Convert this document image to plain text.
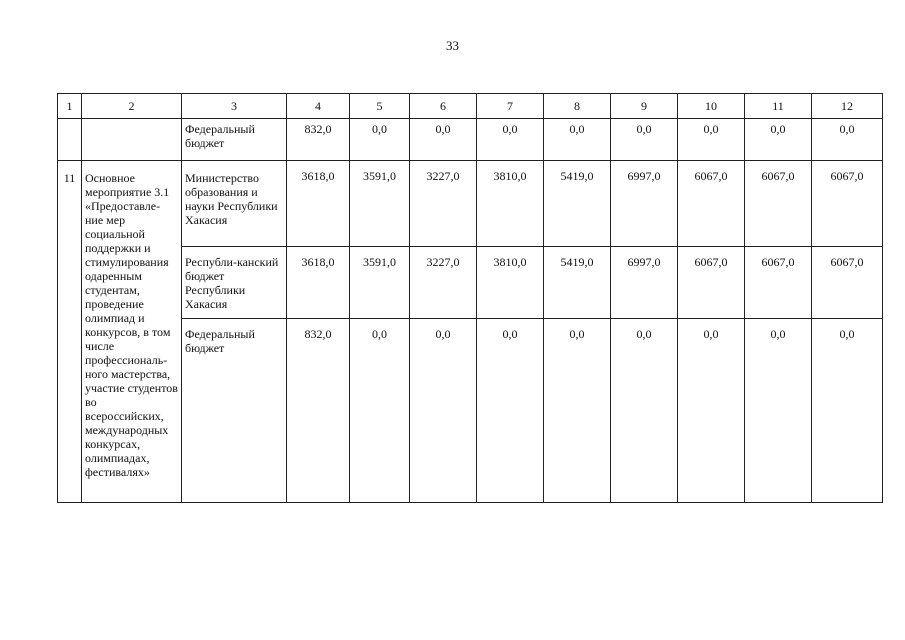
33
1	2	3	4	5	6	7	8	9	10	11	12
		Федеральный бюджет	832,0	0,0	0,0	0,0	0,0	0,0	0,0	0,0	0,0
11	Основное мероприятие 3.1 «Предоставле-ние мер социальной поддержки и стимулирования одаренным студентам, проведение олимпиад и конкурсов, в том числе профессиональ-ного мастерства, участие студентов во всероссийских, международных конкурсах, олимпиадах, фестивалях»	Министерство образования и науки Республики Хакасия	3618,0	3591,0	3227,0	3810,0	5419,0	6997,0	6067,0	6067,0	6067,0
		Республи-канский бюджет Республики Хакасия	3618,0	3591,0	3227,0	3810,0	5419,0	6997,0	6067,0	6067,0	6067,0
		Федеральный бюджет	832,0	0,0	0,0	0,0	0,0	0,0	0,0	0,0	0,0
